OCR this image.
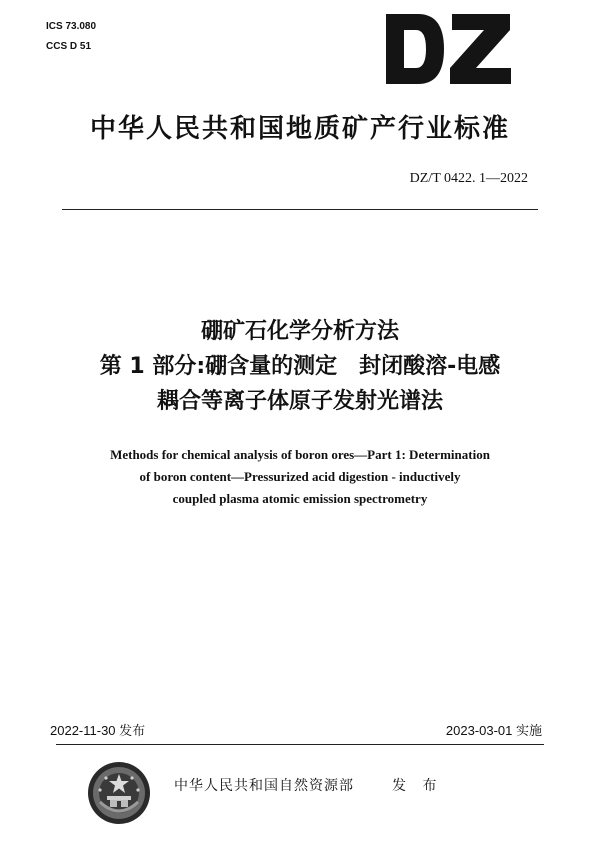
ICS 73.080
CCS D 51
中华人民共和国地质矿产行业标准
DZ/T 0422. 1—2022
硼矿石化学分析方法
第 1 部分:硼含量的测定　封闭酸溶-电感
耦合等离子体原子发射光谱法
Methods for chemical analysis of boron ores—Part 1: Determination
of boron content—Pressurized acid digestion - inductively
coupled plasma atomic emission spectrometry
2022-11-30 发布	2023-03-01 实施
中华人民共和国自然资源部	发 布
